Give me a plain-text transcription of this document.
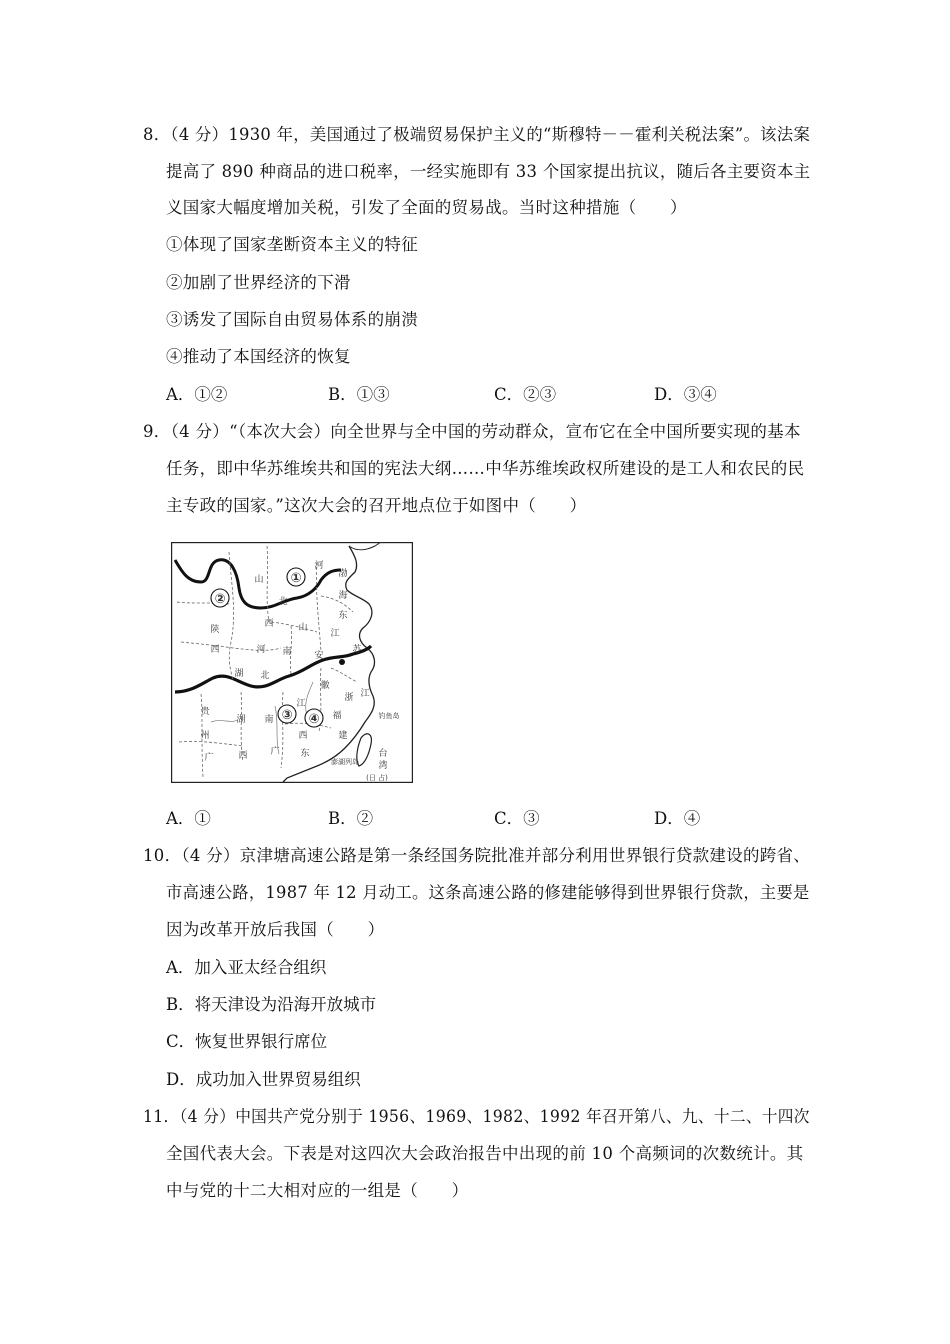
8．（4 分）1930 年，美国通过了极端贸易保护主义的“斯穆特－－霍利关税法案”。该法案
提高了 890 种商品的进口税率，一经实施即有 33 个国家提出抗议，随后各主要资本主
义国家大幅度增加关税，引发了全面的贸易战。当时这种措施（　　）
①体现了国家垄断资本主义的特征
②加剧了世界经济的下滑
③诱发了国际自由贸易体系的崩溃
④推动了本国经济的恢复
A．①②	B．①③	C．②③	D．③④
9．（4 分）“（本次大会）向全世界与全中国的劳动群众，宣布它在全中国所要实现的基本
任务，即中华苏维埃共和国的宪法大纲……中华苏维埃政权所建设的是工人和农民的民
主专政的国家。”这次大会的召开地点位于如图中（　　）
①
②
③ ④
山
西
陕
西
北
河
渤
海
东
山
河 南
江
苏
安
湖 北
徽
浙 江
贵
州
湖 南
江
西
福
建
广	西	广 东	台
湾
钓鱼岛
澎湖列岛
(日 占)
A．①	B．②	C．③	D．④
10．（4 分）京津塘高速公路是第一条经国务院批准并部分利用世界银行贷款建设的跨省、
市高速公路，1987 年 12 月动工。这条高速公路的修建能够得到世界银行贷款，主要是
因为改革开放后我国（　　）
A．加入亚太经合组织
B．将天津设为沿海开放城市
C．恢复世界银行席位
D．成功加入世界贸易组织
11．（4 分）中国共产党分别于 1956、1969、1982、1992 年召开第八、九、十二、十四次
全国代表大会。下表是对这四次大会政治报告中出现的前 10 个高频词的次数统计。其
中与党的十二大相对应的一组是（　　）
